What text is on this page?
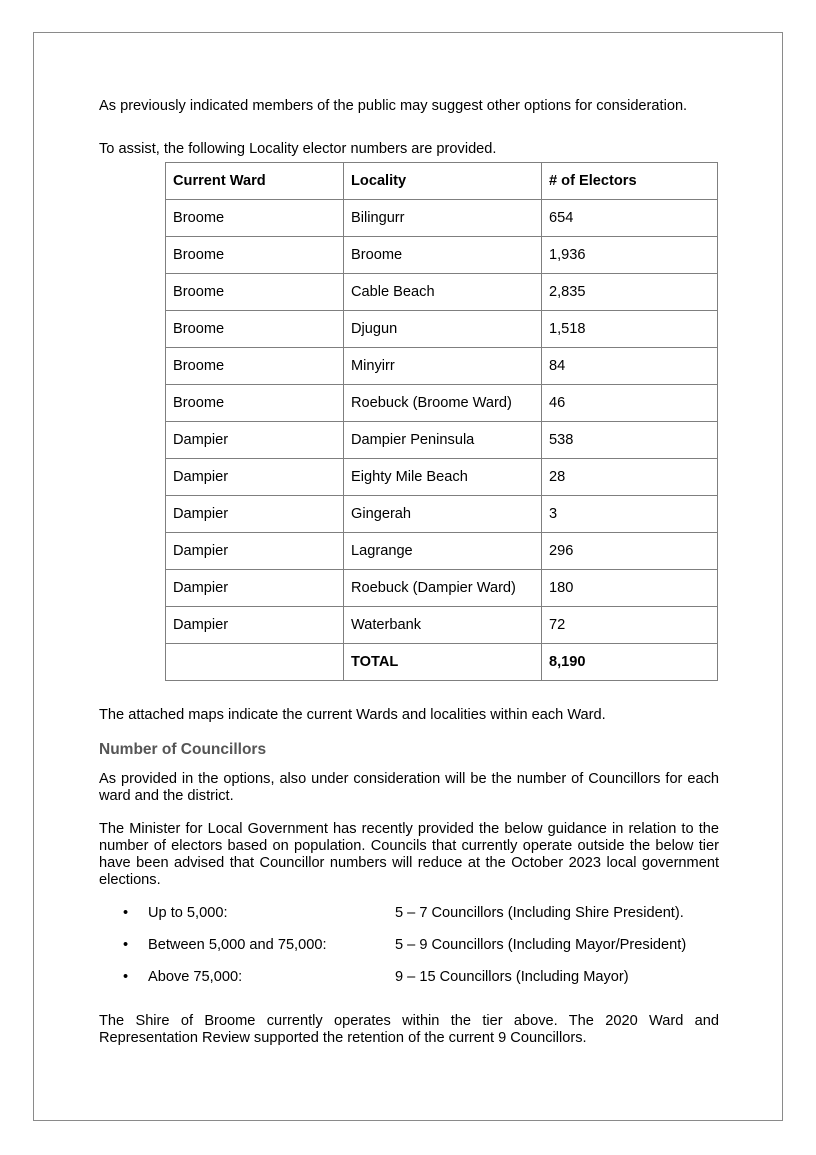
As previously indicated members of the public may suggest other options for consideration.

To assist, the following Locality elector numbers are provided.

Current Ward	Locality	# of Electors
Broome	Bilingurr	654
Broome	Broome	1,936
Broome	Cable Beach	2,835
Broome	Djugun	1,518
Broome	Minyirr	84
Broome	Roebuck (Broome Ward)	46
Dampier	Dampier Peninsula	538
Dampier	Eighty Mile Beach	28
Dampier	Gingerah	3
Dampier	Lagrange	296
Dampier	Roebuck (Dampier Ward)	180
Dampier	Waterbank	72
	TOTAL	8,190

The attached maps indicate the current Wards and localities within each Ward.

Number of Councillors

As provided in the options, also under consideration will be the number of Councillors for each ward and the district.

The Minister for Local Government has recently provided the below guidance in relation to the number of electors based on population. Councils that currently operate outside the below tier have been advised that Councillor numbers will reduce at the October 2023 local government elections.

•	Up to 5,000:	5 – 7 Councillors (Including Shire President).
•	Between 5,000 and 75,000:	5 – 9 Councillors (Including Mayor/President)
•	Above 75,000:	9 – 15 Councillors (Including Mayor)

The Shire of Broome currently operates within the tier above. The 2020 Ward and Representation Review supported the retention of the current 9 Councillors.
